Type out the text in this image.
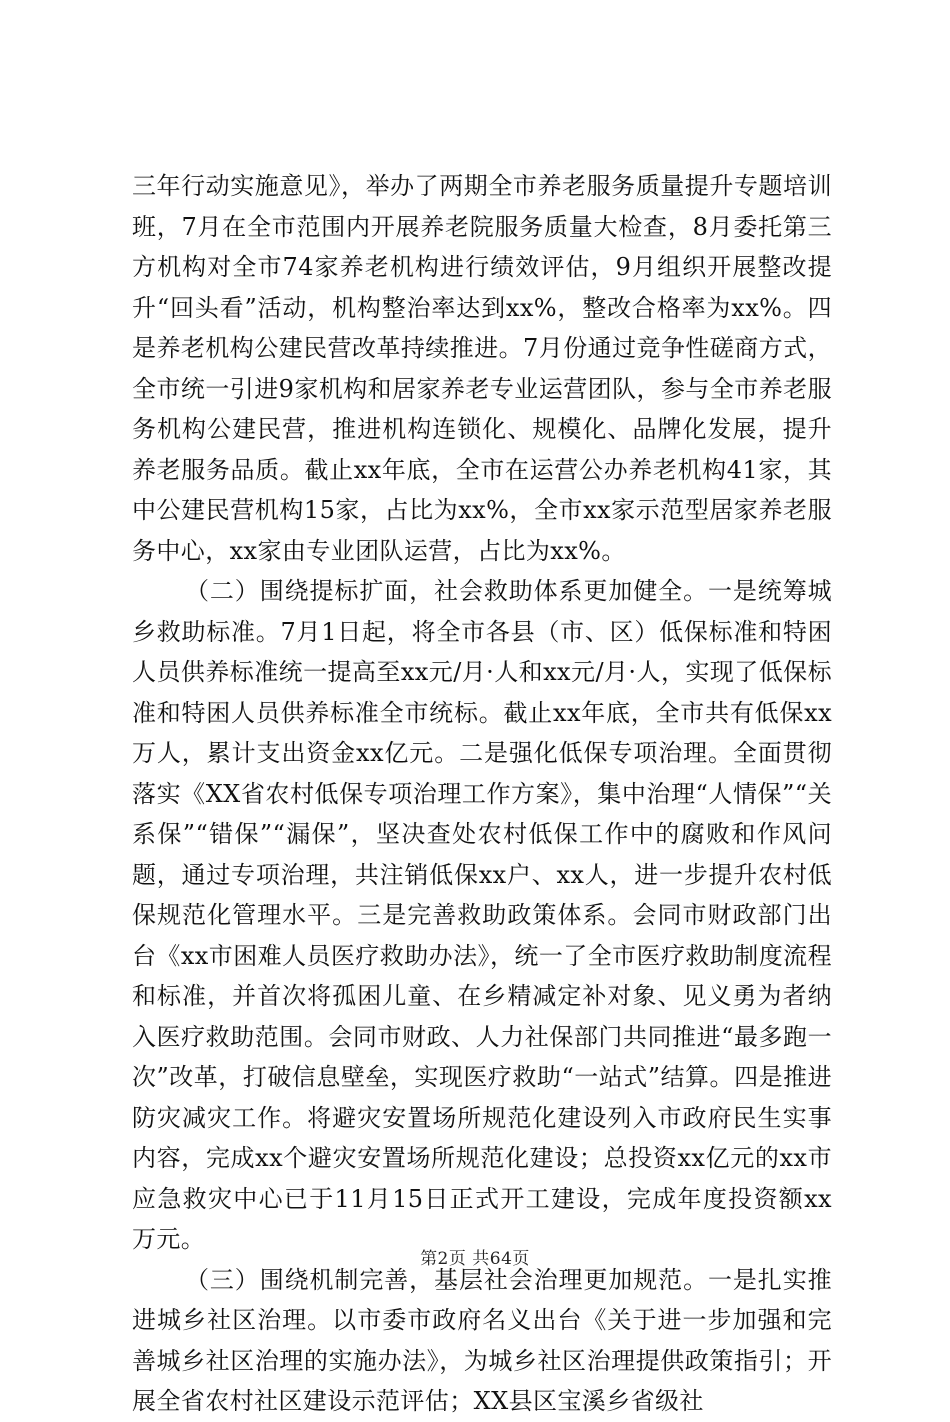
三年行动实施意见》，举办了两期全市养老服务质量提升专题培训班，7月在全市范围内开展养老院服务质量大检查，8月委托第三方机构对全市74家养老机构进行绩效评估，9月组织开展整改提升“回头看”活动，机构整治率达到xx%，整改合格率为xx%。四是养老机构公建民营改革持续推进。7月份通过竞争性磋商方式，全市统一引进9家机构和居家养老专业运营团队，参与全市养老服务机构公建民营，推进机构连锁化、规模化、品牌化发展，提升养老服务品质。截止xx年底，全市在运营公办养老机构41家，其中公建民营机构15家，占比为xx%，全市xx家示范型居家养老服务中心，xx家由专业团队运营，占比为xx%。

（二）围绕提标扩面，社会救助体系更加健全。一是统筹城乡救助标准。7月1日起，将全市各县（市、区）低保标准和特困人员供养标准统一提高至xx元/月·人和xx元/月·人，实现了低保标准和特困人员供养标准全市统标。截止xx年底，全市共有低保xx万人，累计支出资金xx亿元。二是强化低保专项治理。全面贯彻落实《XX省农村低保专项治理工作方案》，集中治理“人情保”“关系保”“错保”“漏保”，坚决查处农村低保工作中的腐败和作风问题，通过专项治理，共注销低保xx户、xx人，进一步提升农村低保规范化管理水平。三是完善救助政策体系。会同市财政部门出台《xx市困难人员医疗救助办法》，统一了全市医疗救助制度流程和标准，并首次将孤困儿童、在乡精减定补对象、见义勇为者纳入医疗救助范围。会同市财政、人力社保部门共同推进“最多跑一次”改革，打破信息壁垒，实现医疗救助“一站式”结算。四是推进防灾减灾工作。将避灾安置场所规范化建设列入市政府民生实事内容，完成xx个避灾安置场所规范化建设；总投资xx亿元的xx市应急救灾中心已于11月15日正式开工建设，完成年度投资额xx万元。

（三）围绕机制完善，基层社会治理更加规范。一是扎实推进城乡社区治理。以市委市政府名义出台《关于进一步加强和完善城乡社区治理的实施办法》，为城乡社区治理提供政策指引；开展全省农村社区建设示范评估；XX县区宝溪乡省级社

第2页 共64页
